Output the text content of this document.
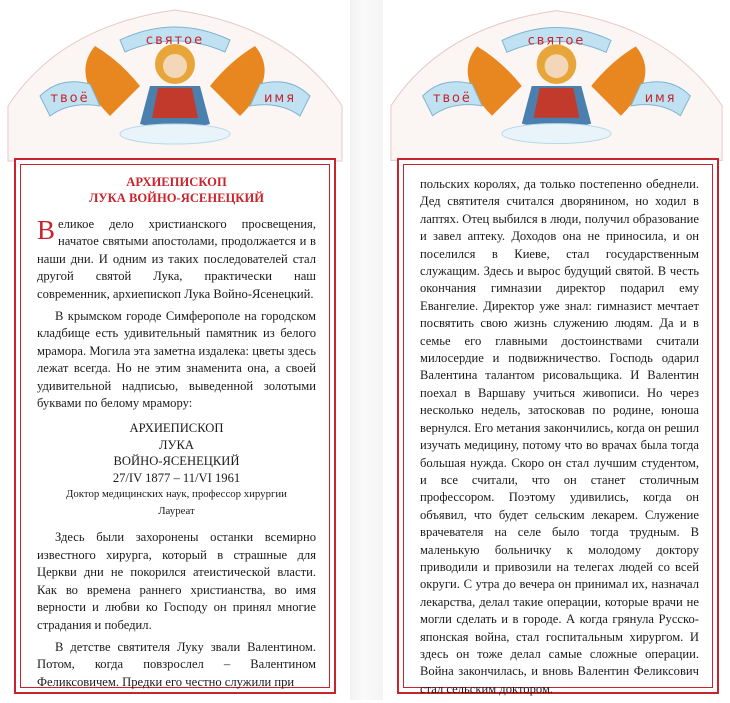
святое
твоё	имя
АРХИЕПИСКОП
ЛУКА ВОЙНО-ЯСЕНЕЦКИЙ

Великое дело христианского просвещения, начатое святыми апостолами, продолжается и в наши дни. И одним из таких последователей стал другой святой Лука, практически наш современник, архиепископ Лука Войно-Ясенецкий.

В крымском городе Симферополе на городском кладбище есть удивительный памятник из белого мрамора. Могила эта заметна издалека: цветы здесь лежат всегда. Но не этим знаменита она, а своей удивительной надписью, выведенной золотыми буквами по белому мрамору:

АРХИЕПИСКОП
ЛУКА
ВОЙНО-ЯСЕНЕЦКИЙ
27/IV 1877 – 11/VI 1961
Доктор медицинских наук, профессор хирургии
Лауреат

Здесь были захоронены останки всемирно известного хирурга, который в страшные для Церкви дни не покорился атеистической власти. Как во времена раннего христианства, во имя верности и любви ко Господу он принял многие страдания и победил.

В детстве святителя Луку звали Валентином. Потом, когда повзрослел – Валентином Феликсовичем. Предки его честно служили при

святое
твоё	имя

польских королях, да только постепенно обеднели. Дед святителя считался дворянином, но ходил в лаптях. Отец выбился в люди, получил образование и завел аптеку. Доходов она не приносила, и он поселился в Киеве, стал государственным служащим. Здесь и вырос будущий святой. В честь окончания гимназии директор подарил ему Евангелие. Директор уже знал: гимназист мечтает посвятить свою жизнь служению людям. Да и в семье его главными достоинствами считали милосердие и подвижничество. Господь одарил Валентина талантом рисовальщика. И Валентин поехал в Варшаву учиться живописи. Но через несколько недель, затосковав по родине, юноша вернулся. Его метания закончились, когда он решил изучать медицину, потому что во врачах была тогда большая нужда. Скоро он стал лучшим студентом, и все считали, что он станет столичным профессором. Поэтому удивились, когда он объявил, что будет сельским лекарем. Служение врачевателя на селе было тогда трудным. В маленькую больничку к молодому доктору приводили и привозили на телегах людей со всей округи. С утра до вечера он принимал их, назначал лекарства, делал такие операции, которые врачи не могли сделать и в городе. А когда грянула Русско-японская война, стал госпитальным хирургом. И здесь он тоже делал самые сложные операции. Война закончилась, и вновь Валентин Феликсович стал сельским доктором.
